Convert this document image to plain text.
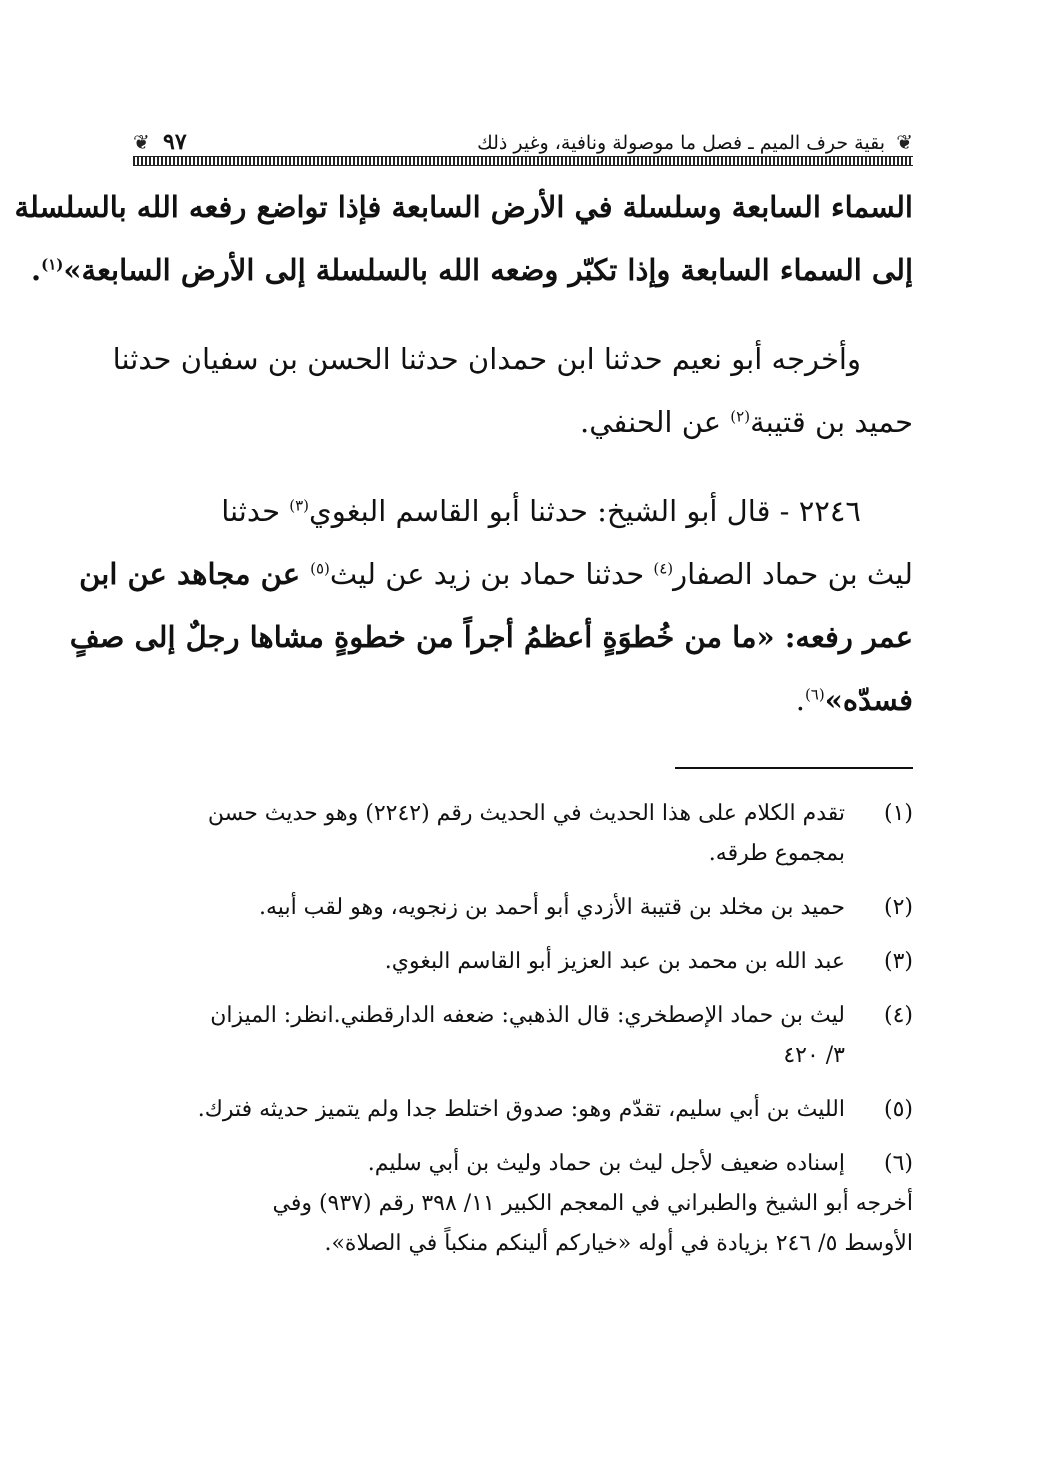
❦
بقية حرف الميم ـ فصل ما موصولة ونافية، وغير ذلك
٩٧
❦

السماء السابعة وسلسلة في الأرض السابعة فإذا تواضع رفعه الله بالسلسلة
إلى السماء السابعة وإذا تكبّر وضعه الله بالسلسلة إلى الأرض السابعة»$^{(١)}$.

وأخرجه أبو نعيم حدثنا ابن حمدان حدثنا الحسن بن سفيان حدثنا
حميد بن قتيبة$^{(٢)}$ عن الحنفي.

٢٢٤٦ - قال أبو الشيخ: حدثنا أبو القاسم البغوي$^{(٣)}$ حدثنا
ليث بن حماد الصفار$^{(٤)}$ حدثنا حماد بن زيد عن ليث$^{(٥)}$ عن مجاهد عن ابن
عمر رفعه: «ما من خُطوَةٍ أعظمُ أجراً من خطوةٍ مشاها رجلٌ إلى صفٍ
فسدّه»$^{(٦)}$.

(١)
تقدم الكلام على هذا الحديث في الحديث رقم (٢٢٤٢) وهو حديث حسن
بمجموع طرقه.
(٢)
حميد بن مخلد بن قتيبة الأزدي أبو أحمد بن زنجويه، وهو لقب أبيه.
(٣)
عبد الله بن محمد بن عبد العزيز أبو القاسم البغوي.
(٤)
ليث بن حماد الإصطخري: قال الذهبي: ضعفه الدارقطني.انظر: الميزان
٣/ ٤٢٠
(٥)
الليث بن أبي سليم، تقدّم وهو: صدوق اختلط جدا ولم يتميز حديثه فترك.
(٦)
إسناده ضعيف لأجل ليث بن حماد وليث بن أبي سليم.
أخرجه أبو الشيخ والطبراني في المعجم الكبير ١١/ ٣٩٨ رقم (٩٣٧) وفي
الأوسط ٥/ ٢٤٦ بزيادة في أوله «خياركم ألينكم منكباً في الصلاة».
